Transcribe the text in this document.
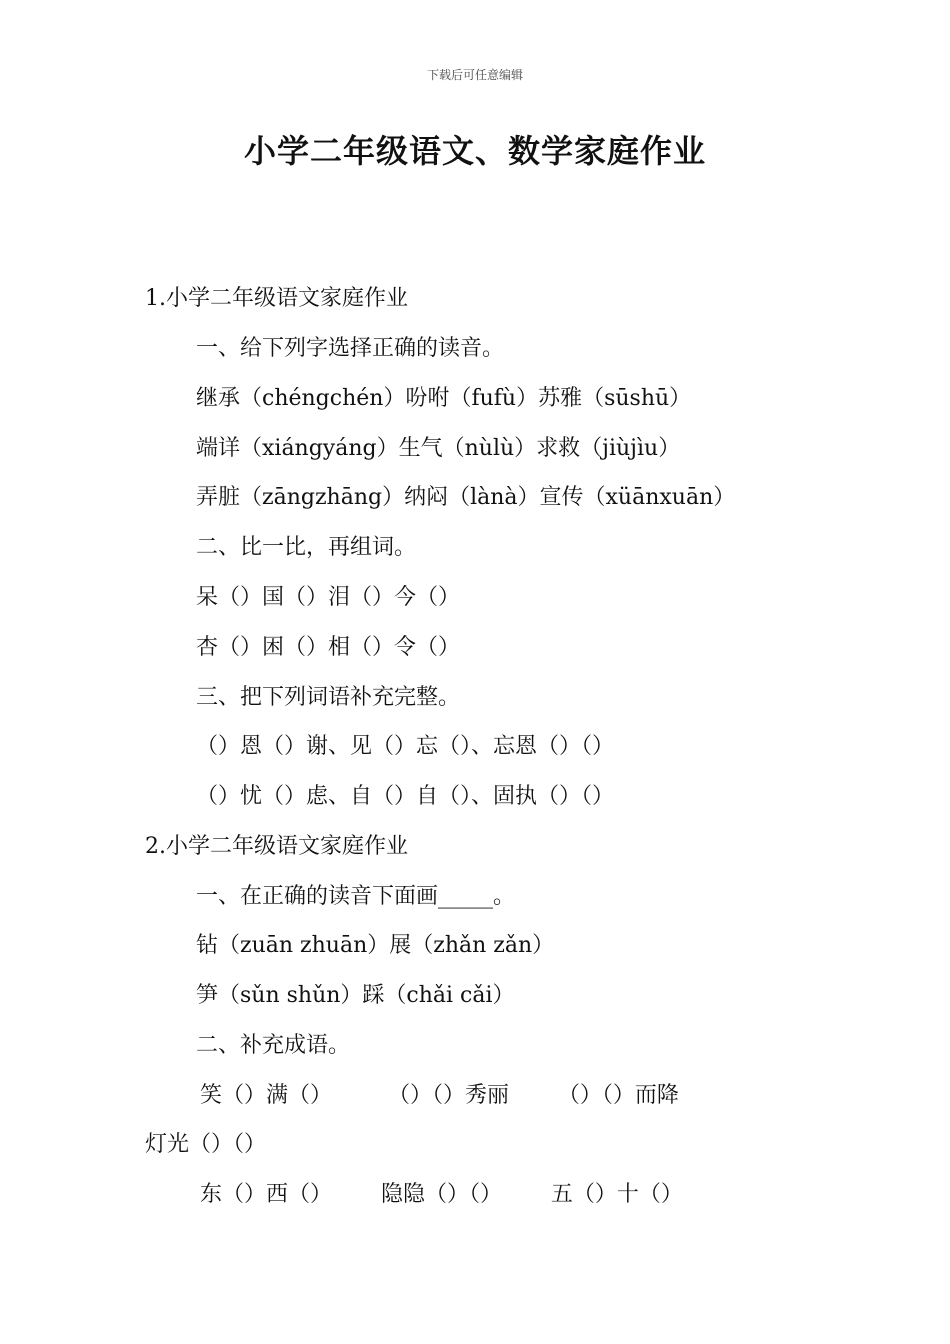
下载后可任意编辑
小学二年级语文、数学家庭作业
1.小学二年级语文家庭作业
一、给下列字选择正确的读音。
继承（chéngchén）吩咐（fufù）苏雅（sūshū）
端详（xiángyáng）生气（nùlù）求救（jiùjìu）
弄脏（zāngzhāng）纳闷（lànà）宣传（xüānxuān）
二、比一比，再组词。
呆（）国（）泪（）今（）
杏（）困（）相（）令（）
三、把下列词语补充完整。
（）恩（）谢、见（）忘（）、忘恩（）（）
（）忧（）虑、自（）自（）、固执（）（）
2.小学二年级语文家庭作业
一、在正确的读音下面画_____。
钻（zuān zhuān）展（zhǎn zǎn）
笋（sǔn shǔn）踩（chǎi cǎi）
二、补充成语。
笑（）满（）        （）（）秀丽       （）（）而降
灯光（）（）
东（）西（）       隐隐（）（）       五（）十（）
